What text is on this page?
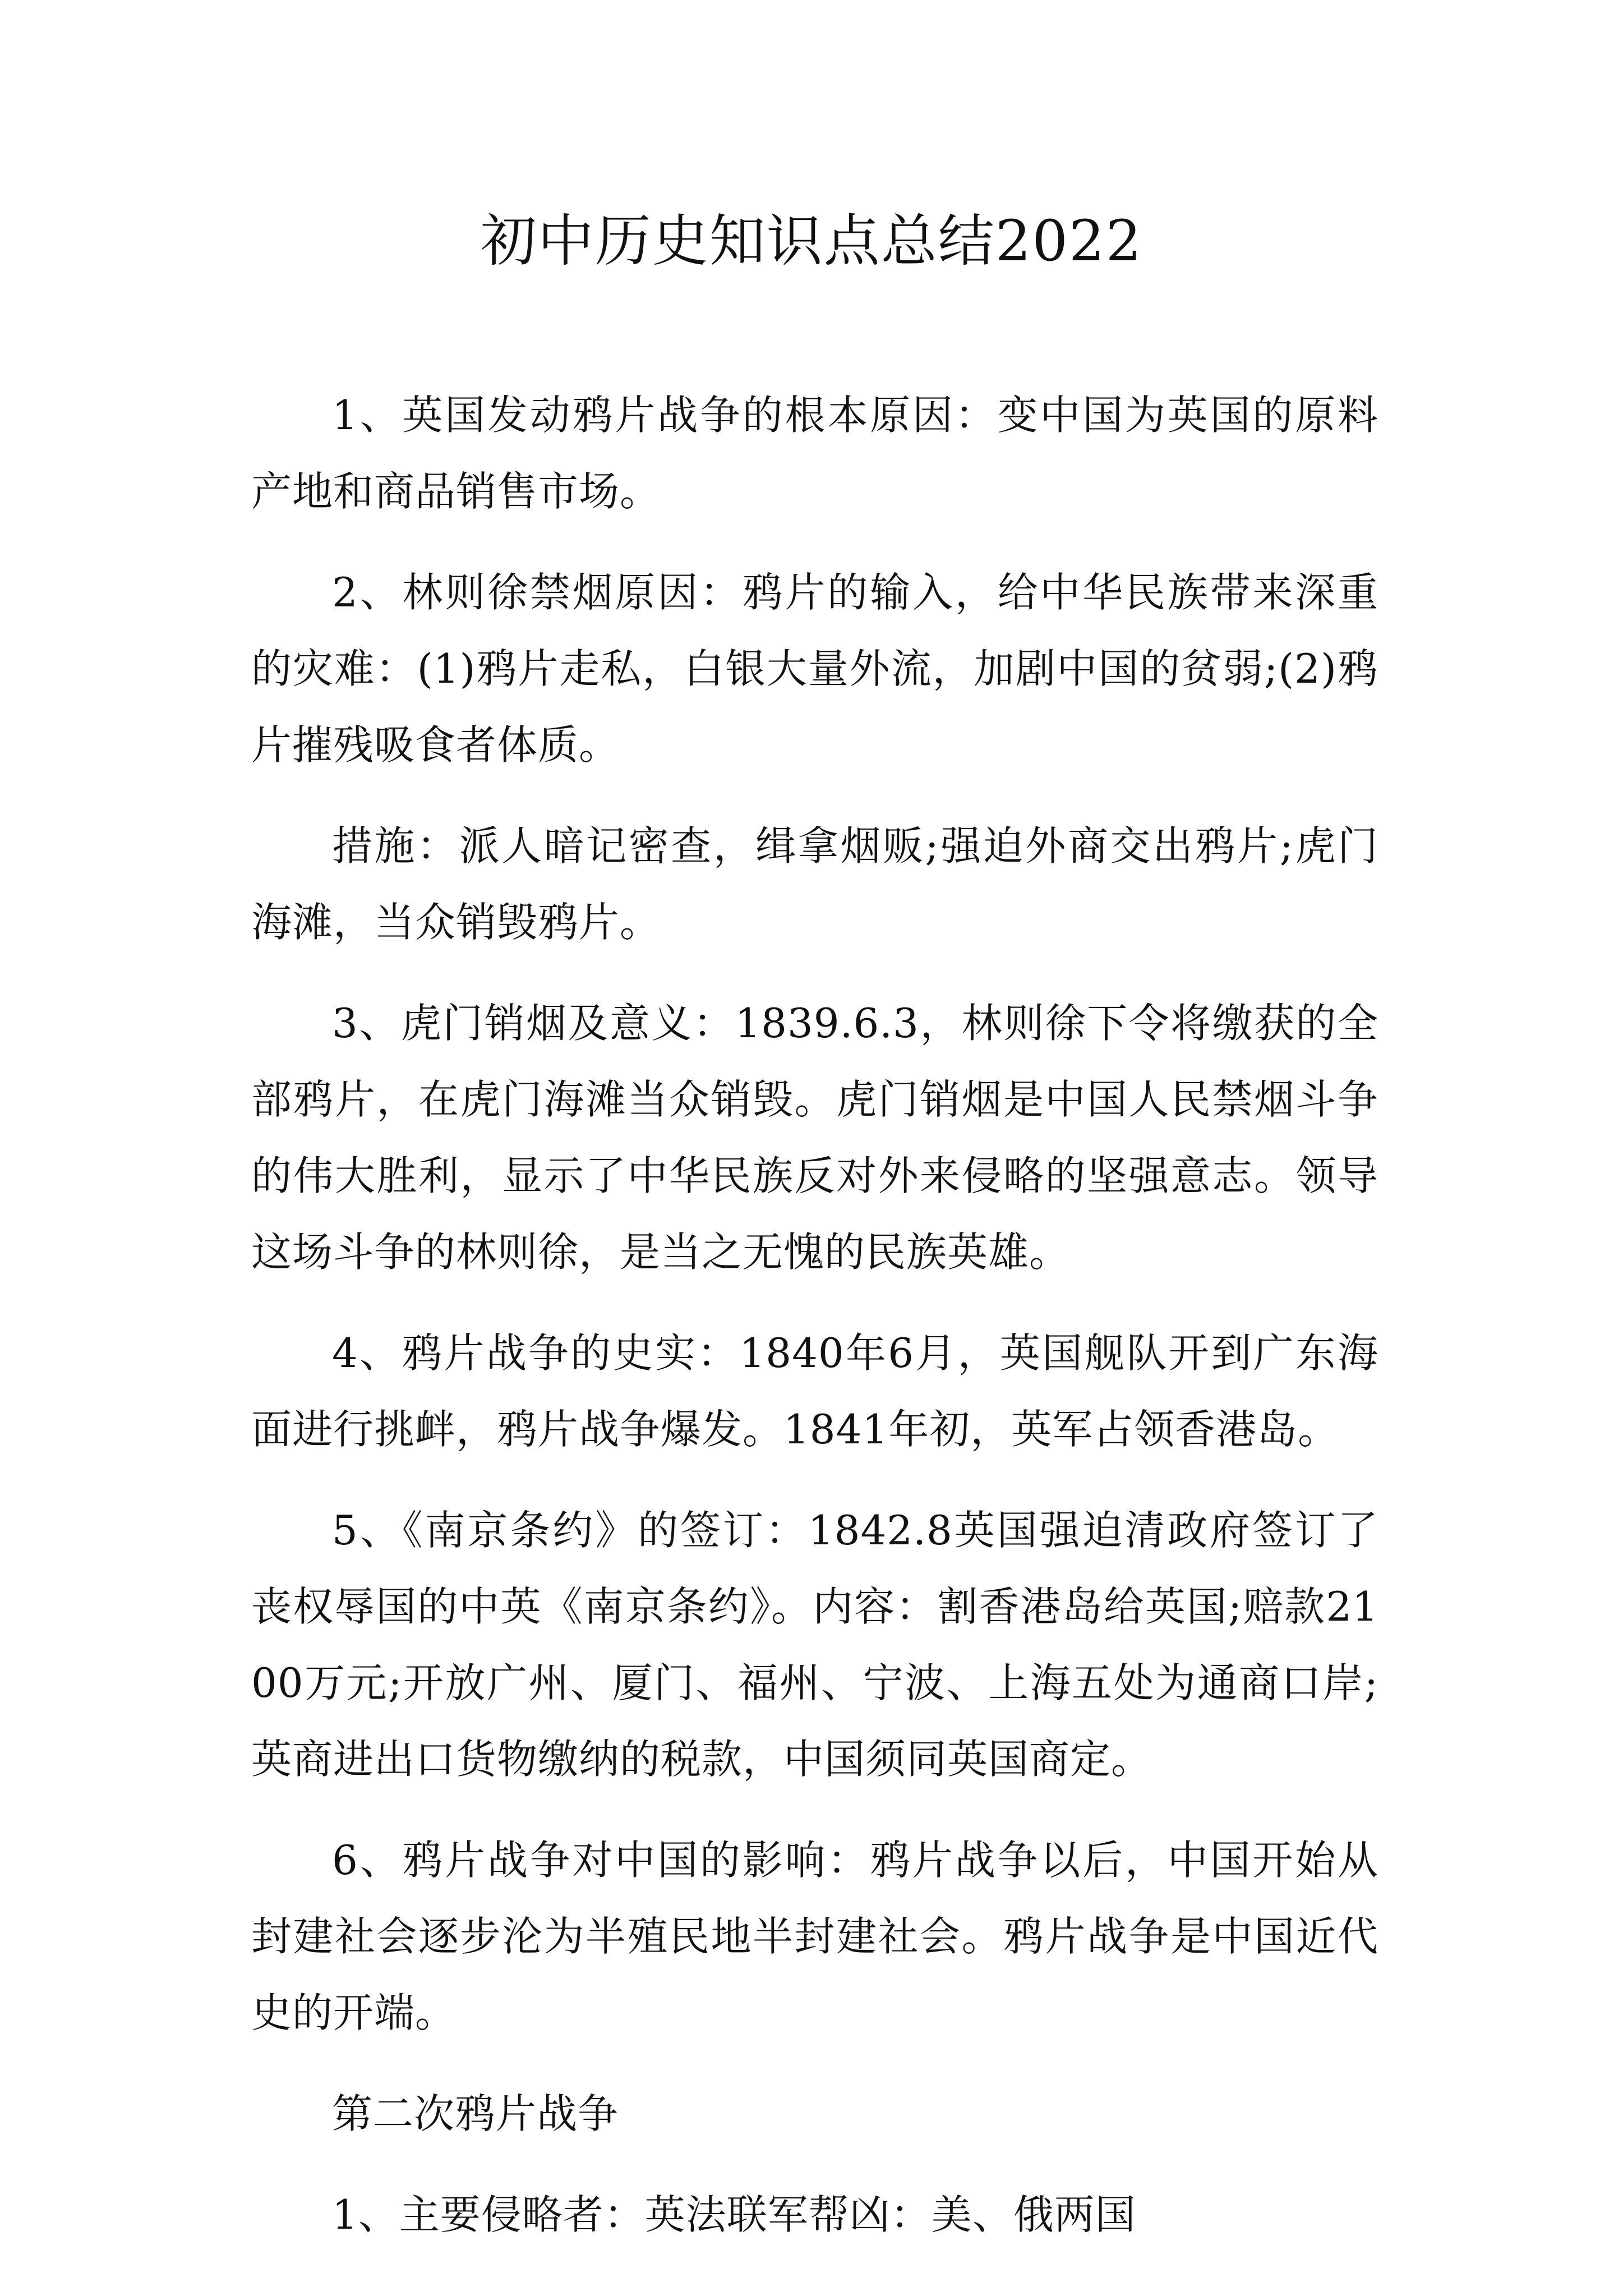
初中历史知识点总结2022

1、英国发动鸦片战争的根本原因：变中国为英国的原料产地和商品销售市场。

2、林则徐禁烟原因：鸦片的输入，给中华民族带来深重的灾难：(1)鸦片走私，白银大量外流，加剧中国的贫弱;(2)鸦片摧残吸食者体质。

措施：派人暗记密查，缉拿烟贩;强迫外商交出鸦片;虎门海滩，当众销毁鸦片。

3、虎门销烟及意义：1839.6.3，林则徐下令将缴获的全部鸦片，在虎门海滩当众销毁。虎门销烟是中国人民禁烟斗争的伟大胜利，显示了中华民族反对外来侵略的坚强意志。领导这场斗争的林则徐，是当之无愧的民族英雄。

4、鸦片战争的史实：1840年6月，英国舰队开到广东海面进行挑衅，鸦片战争爆发。1841年初，英军占领香港岛。

5、《南京条约》的签订：1842.8英国强迫清政府签订了丧权辱国的中英《南京条约》。内容：割香港岛给英国;赔款2100万元;开放广州、厦门、福州、宁波、上海五处为通商口岸;英商进出口货物缴纳的税款，中国须同英国商定。

6、鸦片战争对中国的影响：鸦片战争以后，中国开始从封建社会逐步沦为半殖民地半封建社会。鸦片战争是中国近代史的开端。

第二次鸦片战争

1、主要侵略者：英法联军帮凶：美、俄两国
